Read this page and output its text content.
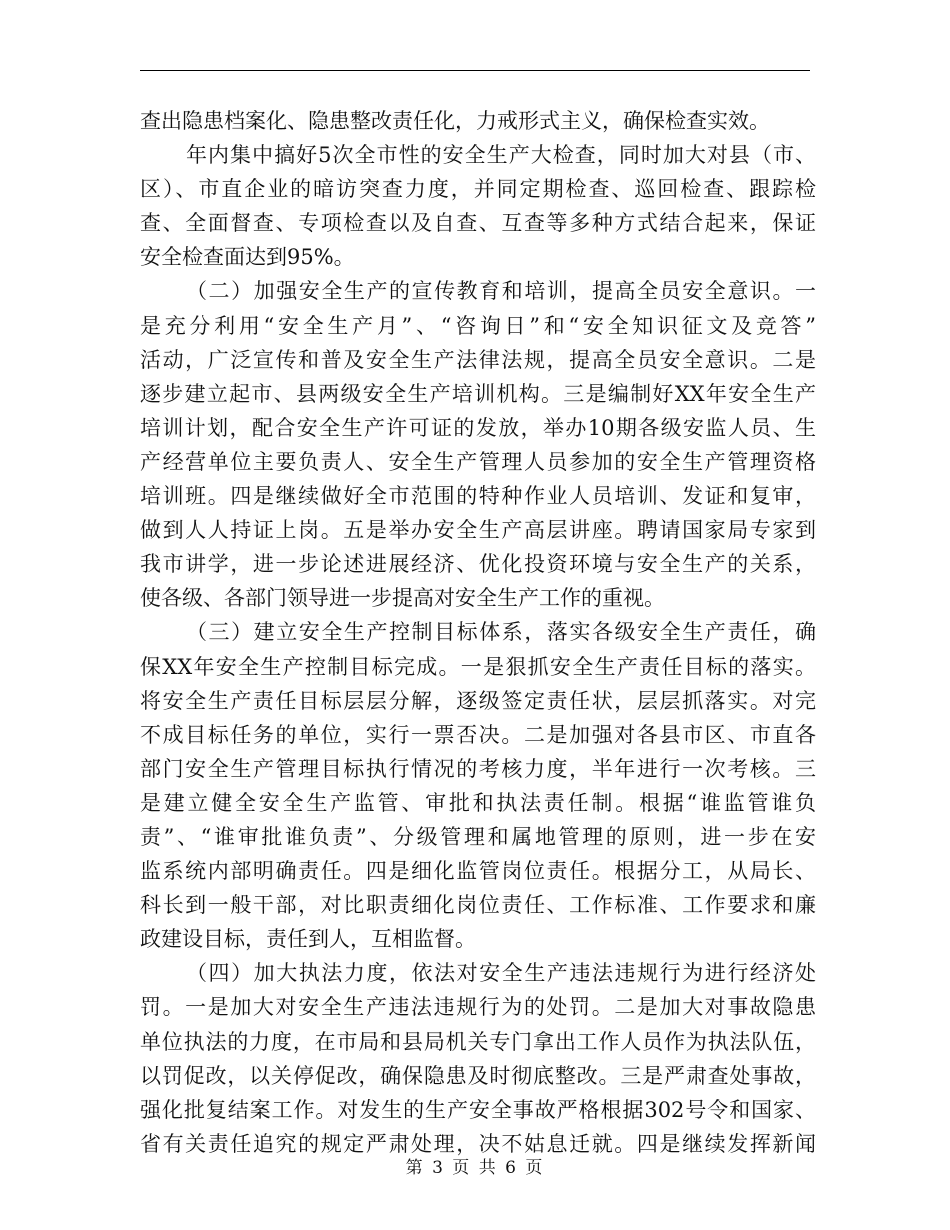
查出隐患档案化、隐患整改责任化，力戒形式主义，确保检查实效。
年内集中搞好5次全市性的安全生产大检查，同时加大对县（市、
区）、市直企业的暗访突查力度，并同定期检查、巡回检查、跟踪检
查、全面督查、专项检查以及自查、互查等多种方式结合起来，保证
安全检查面达到95%。
（二）加强安全生产的宣传教育和培训，提高全员安全意识。一
是充分利用“安全生产月”、“咨询日”和“安全知识征文及竞答”
活动，广泛宣传和普及安全生产法律法规，提高全员安全意识。二是
逐步建立起市、县两级安全生产培训机构。三是编制好XX年安全生产
培训计划，配合安全生产许可证的发放，举办10期各级安监人员、生
产经营单位主要负责人、安全生产管理人员参加的安全生产管理资格
培训班。四是继续做好全市范围的特种作业人员培训、发证和复审，
做到人人持证上岗。五是举办安全生产高层讲座。聘请国家局专家到
我市讲学，进一步论述进展经济、优化投资环境与安全生产的关系，
使各级、各部门领导进一步提高对安全生产工作的重视。
（三）建立安全生产控制目标体系，落实各级安全生产责任，确
保XX年安全生产控制目标完成。一是狠抓安全生产责任目标的落实。
将安全生产责任目标层层分解，逐级签定责任状，层层抓落实。对完
不成目标任务的单位，实行一票否决。二是加强对各县市区、市直各
部门安全生产管理目标执行情况的考核力度，半年进行一次考核。三
是建立健全安全生产监管、审批和执法责任制。根据“谁监管谁负
责”、“谁审批谁负责”、分级管理和属地管理的原则，进一步在安
监系统内部明确责任。四是细化监管岗位责任。根据分工，从局长、
科长到一般干部，对比职责细化岗位责任、工作标准、工作要求和廉
政建设目标，责任到人，互相监督。
（四）加大执法力度，依法对安全生产违法违规行为进行经济处
罚。一是加大对安全生产违法违规行为的处罚。二是加大对事故隐患
单位执法的力度，在市局和县局机关专门拿出工作人员作为执法队伍，
以罚促改，以关停促改，确保隐患及时彻底整改。三是严肃查处事故，
强化批复结案工作。对发生的生产安全事故严格根据302号令和国家、
省有关责任追究的规定严肃处理，决不姑息迁就。四是继续发挥新闻
第 3 页 共 6 页
